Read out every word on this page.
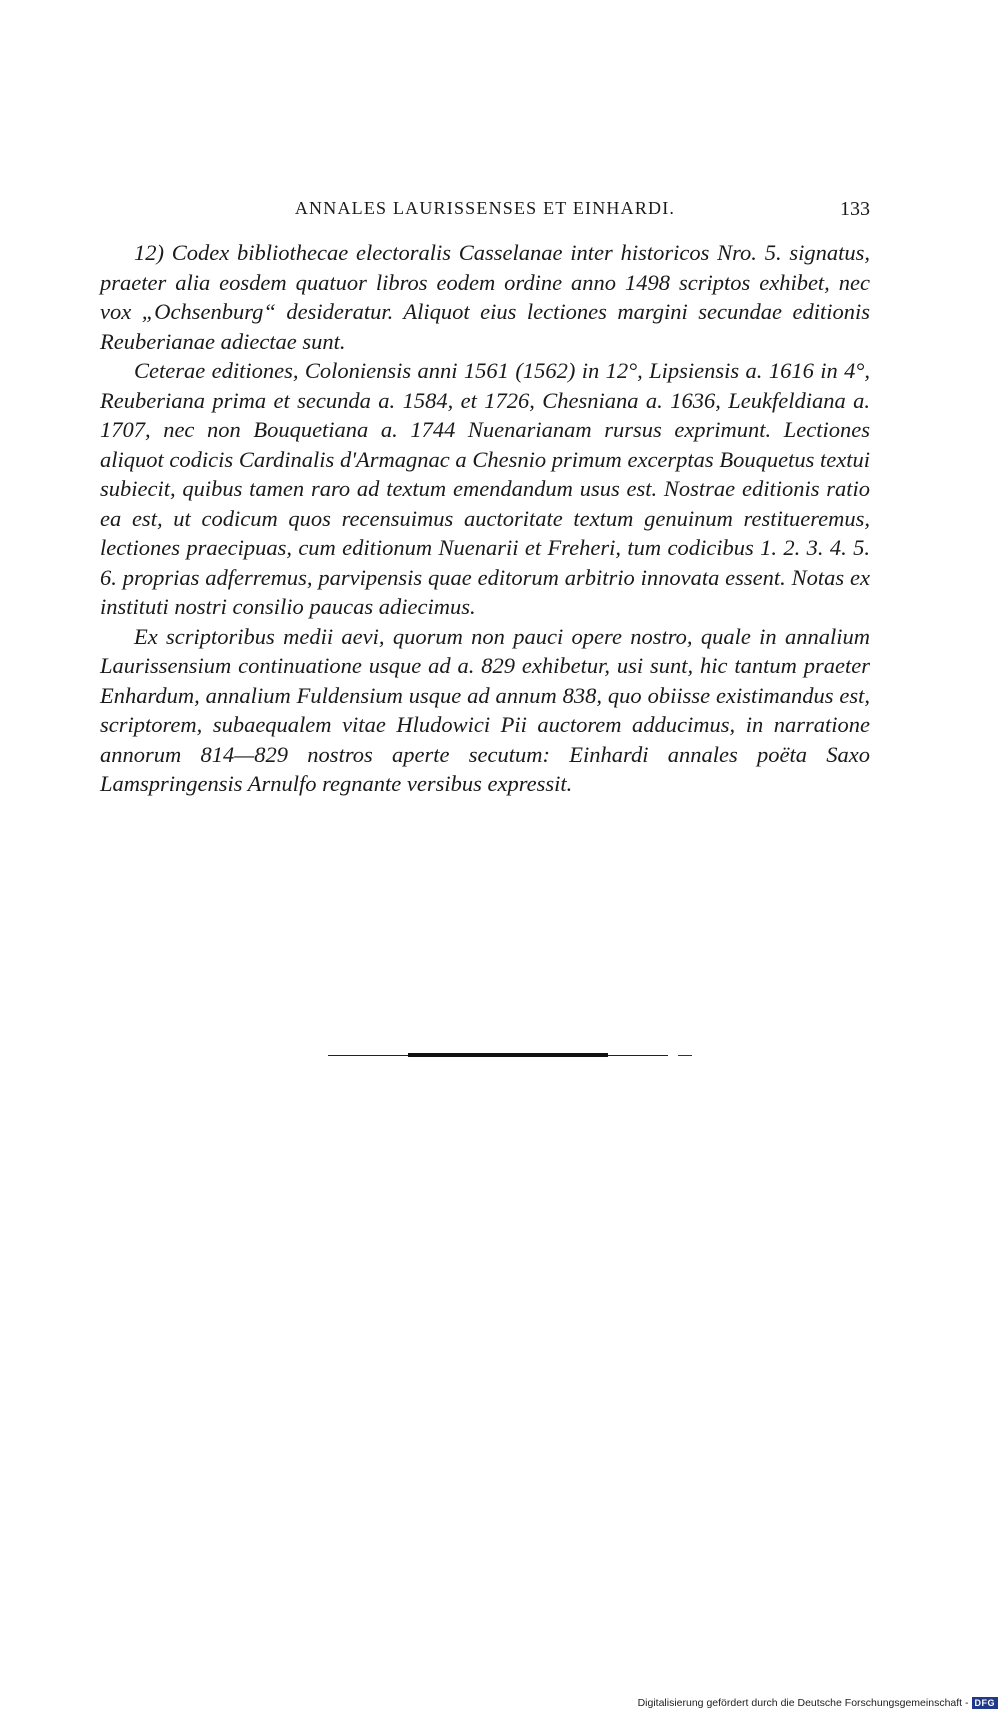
ANNALES LAURISSENSES ET EINHARDI.	133

12) Codex bibliothecae electoralis Casselanae inter historicos Nro. 5. signatus, praeter alia eosdem quatuor libros eodem ordine anno 1498 scriptos exhibet, nec vox „Ochsenburg“ desideratur. Aliquot eius lectiones margini secundae editionis Reuberianae adiectae sunt.

Ceterae editiones, Coloniensis anni 1561 (1562) in 12°, Lipsiensis a. 1616 in 4°, Reuberiana prima et secunda a. 1584, et 1726, Chesniana a. 1636, Leukfeldiana a. 1707, nec non Bouquetiana a. 1744 Nuenarianam rursus exprimunt. Lectiones aliquot codicis Cardinalis d'Armagnac a Chesnio primum excerptas Bouquetus textui subiecit, quibus tamen raro ad textum emendandum usus est. Nostrae editionis ratio ea est, ut codicum quos recensuimus auctoritate textum genuinum restitueremus, lectiones praecipuas, cum editionum Nuenarii et Freheri, tum codicibus 1. 2. 3. 4. 5. 6. proprias adferremus, parvipensis quae editorum arbitrio innovata essent. Notas ex instituti nostri consilio paucas adiecimus.

Ex scriptoribus medii aevi, quorum non pauci opere nostro, quale in annalium Laurissensium continuatione usque ad a. 829 exhibetur, usi sunt, hic tantum praeter Enhardum, annalium Fuldensium usque ad annum 838, quo obiisse existimandus est, scriptorem, subaequalem vitae Hludowici Pii auctorem adducimus, in narratione annorum 814—829 nostros aperte secutum: Einhardi annales poëta Saxo Lamspringensis Arnulfo regnante versibus expressit.

Digitalisierung gefördert durch die Deutsche Forschungsgemeinschaft - DFG
